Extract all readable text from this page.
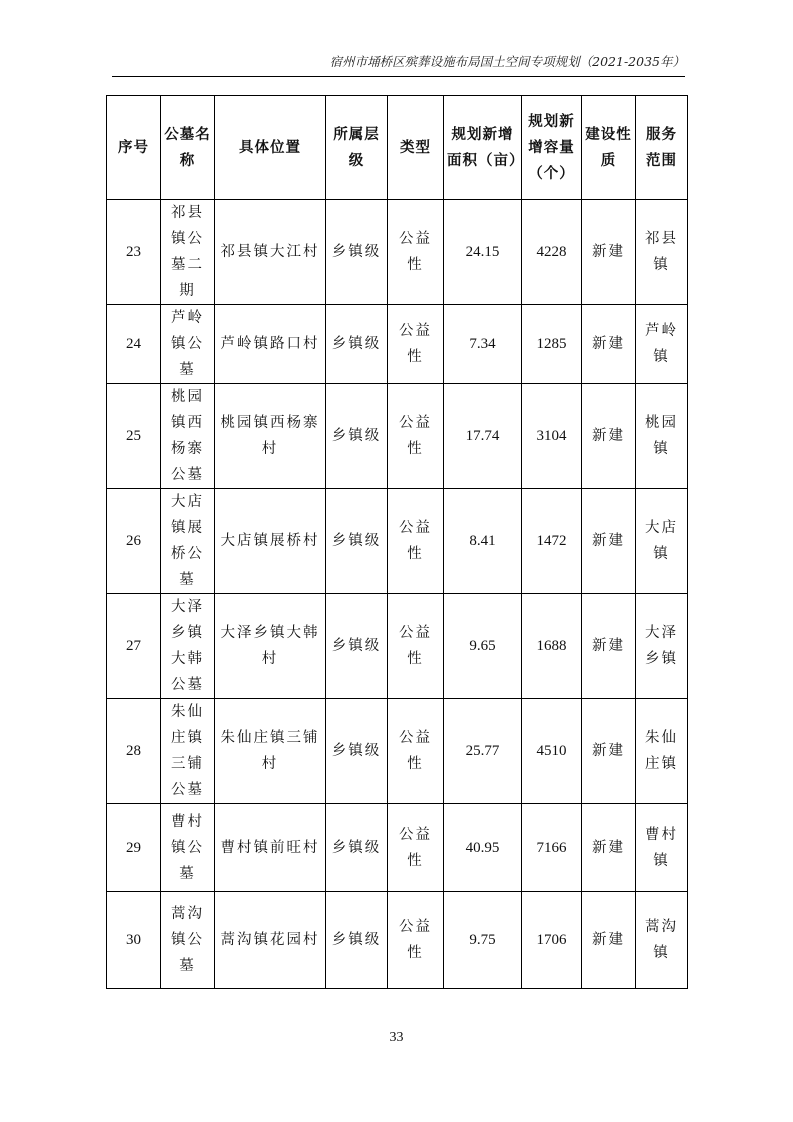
宿州市埇桥区殡葬设施布局国土空间专项规划（2021-2035年）
序号	公墓名称	具体位置	所属层级	类型	规划新增面积（亩）	规划新增容量（个）	建设性质	服务范围
23	祁县镇公墓二期	祁县镇大江村	乡镇级	公益性	24.15	4228	新建	祁县镇
24	芦岭镇公墓	芦岭镇路口村	乡镇级	公益性	7.34	1285	新建	芦岭镇
25	桃园镇西杨寨公墓	桃园镇西杨寨村	乡镇级	公益性	17.74	3104	新建	桃园镇
26	大店镇展桥公墓	大店镇展桥村	乡镇级	公益性	8.41	1472	新建	大店镇
27	大泽乡镇大韩公墓	大泽乡镇大韩村	乡镇级	公益性	9.65	1688	新建	大泽乡镇
28	朱仙庄镇三铺公墓	朱仙庄镇三铺村	乡镇级	公益性	25.77	4510	新建	朱仙庄镇
29	曹村镇公墓	曹村镇前旺村	乡镇级	公益性	40.95	7166	新建	曹村镇
30	蒿沟镇公墓	蒿沟镇花园村	乡镇级	公益性	9.75	1706	新建	蒿沟镇
33
